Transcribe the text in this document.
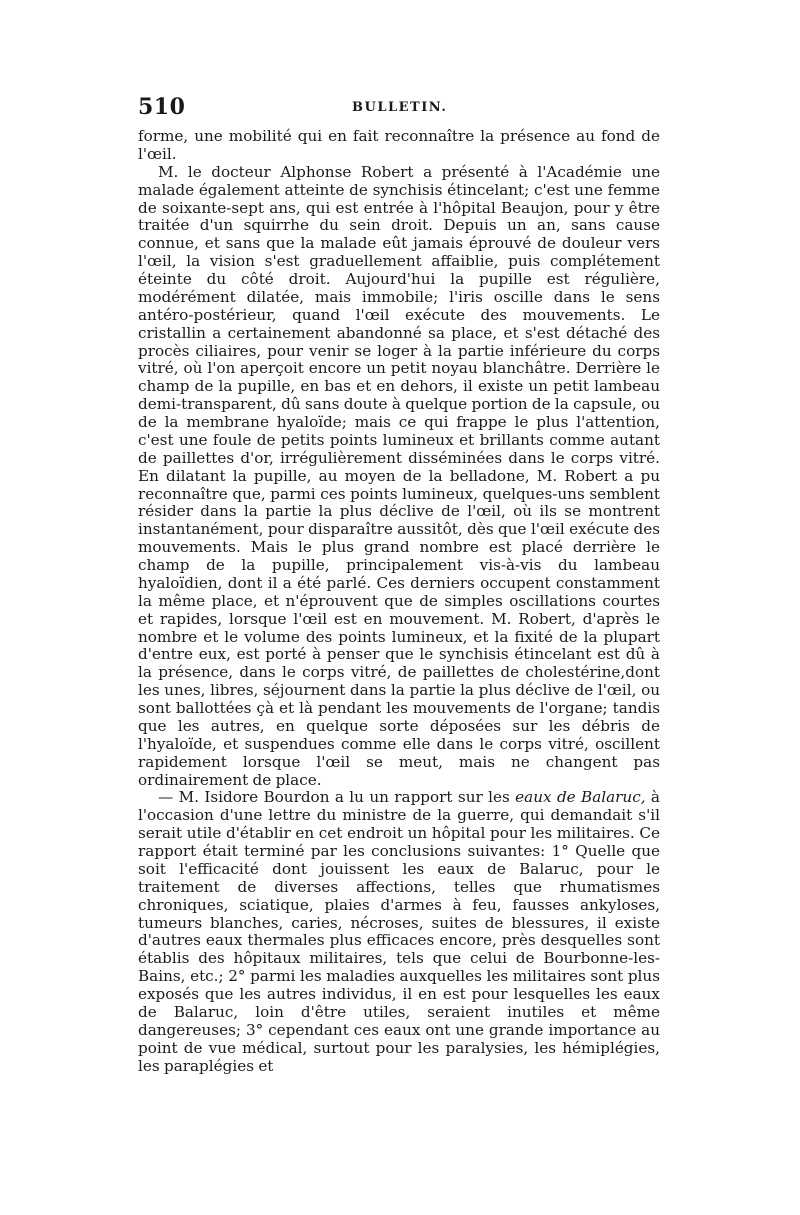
510	BULLETIN.

forme, une mobilité qui en fait reconnaître la présence au fond de l'œil.

M. le docteur Alphonse Robert a présenté à l'Académie une malade également atteinte de synchisis étincelant; c'est une femme de soixante-sept ans, qui est entrée à l'hôpital Beaujon, pour y être traitée d'un squirrhe du sein droit. Depuis un an, sans cause connue, et sans que la malade eût jamais éprouvé de douleur vers l'œil, la vision s'est graduellement affaiblie, puis complétement éteinte du côté droit. Aujourd'hui la pupille est régulière, modérément dilatée, mais immobile; l'iris oscille dans le sens antéro-postérieur, quand l'œil exécute des mouvements. Le cristallin a certainement abandonné sa place, et s'est détaché des procès ciliaires, pour venir se loger à la partie inférieure du corps vitré, où l'on aperçoit encore un petit noyau blanchâtre. Derrière le champ de la pupille, en bas et en dehors, il existe un petit lambeau demi-transparent, dû sans doute à quelque portion de la capsule, ou de la membrane hyaloïde; mais ce qui frappe le plus l'attention, c'est une foule de petits points lumineux et brillants comme autant de paillettes d'or, irrégulièrement disséminées dans le corps vitré. En dilatant la pupille, au moyen de la belladone, M. Robert a pu reconnaître que, parmi ces points lumineux, quelques-uns semblent résider dans la partie la plus déclive de l'œil, où ils se montrent instantanément, pour disparaître aussitôt, dès que l'œil exécute des mouvements. Mais le plus grand nombre est placé derrière le champ de la pupille, principalement vis-à-vis du lambeau hyaloïdien, dont il a été parlé. Ces derniers occupent constamment la même place, et n'éprouvent que de simples oscillations courtes et rapides, lorsque l'œil est en mouvement. M. Robert, d'après le nombre et le volume des points lumineux, et la fixité de la plupart d'entre eux, est porté à penser que le synchisis étincelant est dû à la présence, dans le corps vitré, de paillettes de cholestérine,dont les unes, libres, séjournent dans la partie la plus déclive de l'œil, ou sont ballottées çà et là pendant les mouvements de l'organe; tandis que les autres, en quelque sorte déposées sur les débris de l'hyaloïde, et suspendues comme elle dans le corps vitré, oscillent rapidement lorsque l'œil se meut, mais ne changent pas ordinairement de place.

— M. Isidore Bourdon a lu un rapport sur les eaux de Balaruc, à l'occasion d'une lettre du ministre de la guerre, qui demandait s'il serait utile d'établir en cet endroit un hôpital pour les militaires. Ce rapport était terminé par les conclusions suivantes: 1° Quelle que soit l'efficacité dont jouissent les eaux de Balaruc, pour le traitement de diverses affections, telles que rhumatismes chroniques, sciatique, plaies d'armes à feu, fausses ankyloses, tumeurs blanches, caries, nécroses, suites de blessures, il existe d'autres eaux thermales plus efficaces encore, près desquelles sont établis des hôpitaux militaires, tels que celui de Bourbonne-les-Bains, etc.; 2° parmi les maladies auxquelles les militaires sont plus exposés que les autres individus, il en est pour lesquelles les eaux de Balaruc, loin d'être utiles, seraient inutiles et même dangereuses; 3° cependant ces eaux ont une grande importance au point de vue médical, surtout pour les paralysies, les hémiplégies, les paraplégies et
